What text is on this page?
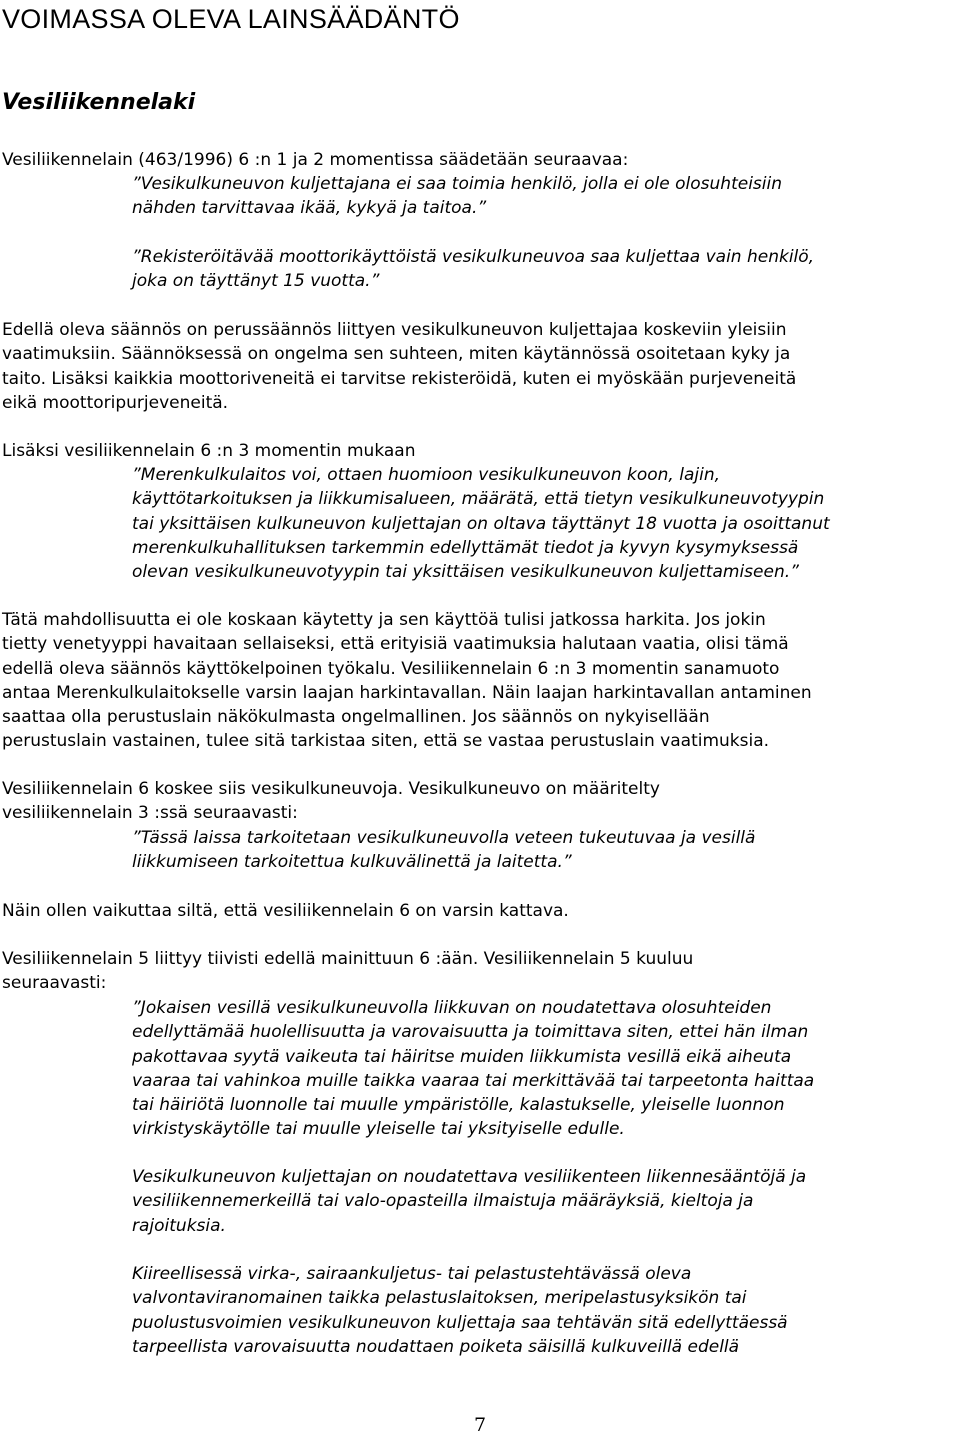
VOIMASSA OLEVA LAINSÄÄDÄNTÖ
Vesiliikennelaki
Vesiliikennelain (463/1996) 6 :n 1 ja 2 momentissa säädetään seuraavaa:
”Vesikulkuneuvon kuljettajana ei saa toimia henkilö, jolla ei ole olosuhteisiin
nähden tarvittavaa ikää, kykyä ja taitoa.”
”Rekisteröitävää moottorikäyttöistä vesikulkuneuvoa saa kuljettaa vain henkilö,
joka on täyttänyt 15 vuotta.”
Edellä oleva säännös on perussäännös liittyen vesikulkuneuvon kuljettajaa koskeviin yleisiin
vaatimuksiin. Säännöksessä on ongelma sen suhteen, miten käytännössä osoitetaan kyky ja
taito. Lisäksi kaikkia moottoriveneitä ei tarvitse rekisteröidä, kuten ei myöskään purjeveneitä
eikä moottoripurjeveneitä.
Lisäksi vesiliikennelain 6 :n 3 momentin mukaan
”Merenkulkulaitos voi, ottaen huomioon vesikulkuneuvon koon, lajin,
käyttötarkoituksen ja liikkumisalueen, määrätä, että tietyn vesikulkuneuvotyypin
tai yksittäisen kulkuneuvon kuljettajan on oltava täyttänyt 18 vuotta ja osoittanut
merenkulkuhallituksen tarkemmin edellyttämät tiedot ja kyvyn kysymyksessä
olevan vesikulkuneuvotyypin tai yksittäisen vesikulkuneuvon kuljettamiseen.”
Tätä mahdollisuutta ei ole koskaan käytetty ja sen käyttöä tulisi jatkossa harkita. Jos jokin
tietty venetyyppi havaitaan sellaiseksi, että erityisiä vaatimuksia halutaan vaatia, olisi tämä
edellä oleva säännös käyttökelpoinen työkalu. Vesiliikennelain 6 :n 3 momentin sanamuoto
antaa Merenkulkulaitokselle varsin laajan harkintavallan. Näin laajan harkintavallan antaminen
saattaa olla perustuslain näkökulmasta ongelmallinen. Jos säännös on nykyisellään
perustuslain vastainen, tulee sitä tarkistaa siten, että se vastaa perustuslain vaatimuksia.
Vesiliikennelain 6 koskee siis vesikulkuneuvoja. Vesikulkuneuvo on määritelty
vesiliikennelain 3 :ssä seuraavasti:
”Tässä laissa tarkoitetaan vesikulkuneuvolla veteen tukeutuvaa ja vesillä
liikkumiseen tarkoitettua kulkuvälinettä ja laitetta.”
Näin ollen vaikuttaa siltä, että vesiliikennelain 6 on varsin kattava.
Vesiliikennelain 5 liittyy tiivisti edellä mainittuun 6 :ään. Vesiliikennelain 5 kuuluu
seuraavasti:
”Jokaisen vesillä vesikulkuneuvolla liikkuvan on noudatettava olosuhteiden
edellyttämää huolellisuutta ja varovaisuutta ja toimittava siten, ettei hän ilman
pakottavaa syytä vaikeuta tai häiritse muiden liikkumista vesillä eikä aiheuta
vaaraa tai vahinkoa muille taikka vaaraa tai merkittävää tai tarpeetonta haittaa
tai häiriötä luonnolle tai muulle ympäristölle, kalastukselle, yleiselle luonnon
virkistyskäytölle tai muulle yleiselle tai yksityiselle edulle.
Vesikulkuneuvon kuljettajan on noudatettava vesiliikenteen liikennesääntöjä ja
vesiliikennemerkeillä tai valo-opasteilla ilmaistuja määräyksiä, kieltoja ja
rajoituksia.
Kiireellisessä virka-, sairaankuljetus- tai pelastustehtävässä oleva
valvontaviranomainen taikka pelastuslaitoksen, meripelastusyksikön tai
puolustusvoimien vesikulkuneuvon kuljettaja saa tehtävän sitä edellyttäessä
tarpeellista varovaisuutta noudattaen poiketa säisillä kulkuveillä edellä
7
